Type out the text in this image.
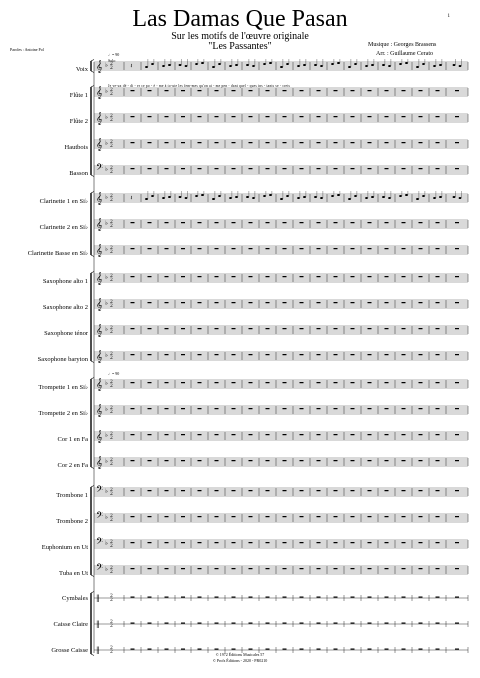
Las Damas Que Pasan
Sur les motifs de l'œuvre originale
"Les Passantes"
1
Musique : Georges Brassens
Arr. : Guillaume Cerato
Paroles : Antoine Pol
♩= 90
Solo
♩= 90
Je ve-ux dé - di - er ce po - è - me à to-ute les fem-mes qu'on ai - me pen - dant quel - ques ins - tants se - crets
Voix
Flûte 1
Flûte 2
Hautbois
Basson
Clarinette 1 en Si♭
Clarinette 2 en Si♭
Clarinette Basse en Si♭
Saxophone alto 1
Saxophone alto 2
Saxophone ténor
Saxophone baryton
Trompette 1 en Si♭
Trompette 2 en Si♭
Cor 1 en Fa
Cor 2 en Fa
Trombone 1
Trombone 2
Euphonium en Ut
Tuba en Ut
Cymbales
Caisse Claire
Grosse Caisse
𝄞 ♭ 2
2	𝄽
𝄞 ♭ 2
2
𝄞 ♭ 2
2
𝄞 ♭ 2
2
𝄢 ♭ 2
2
𝄞 ♭ 2
2	𝄽
𝄞 ♭ 2
2
𝄞 ♭ 2
2
𝄞 ♭ 2
2
𝄞 ♭ 2
2
𝄞 ♭ 2
2
𝄞 ♭ 2
2
𝄞 ♭ 2
2
𝄞 ♭ 2
2
𝄞 ♭ 2
2
𝄞 ♭ 2
2
𝄢 ♭ 2
2
𝄢 ♭ 2
2
𝄢 ♭ 2
2
𝄢 ♭ 2
2
‖ 2
2
‖ 2
2
‖ 2
2	© 1972 Éditions Musicales 57
© Profs Éditions - 2020 - PR0210
